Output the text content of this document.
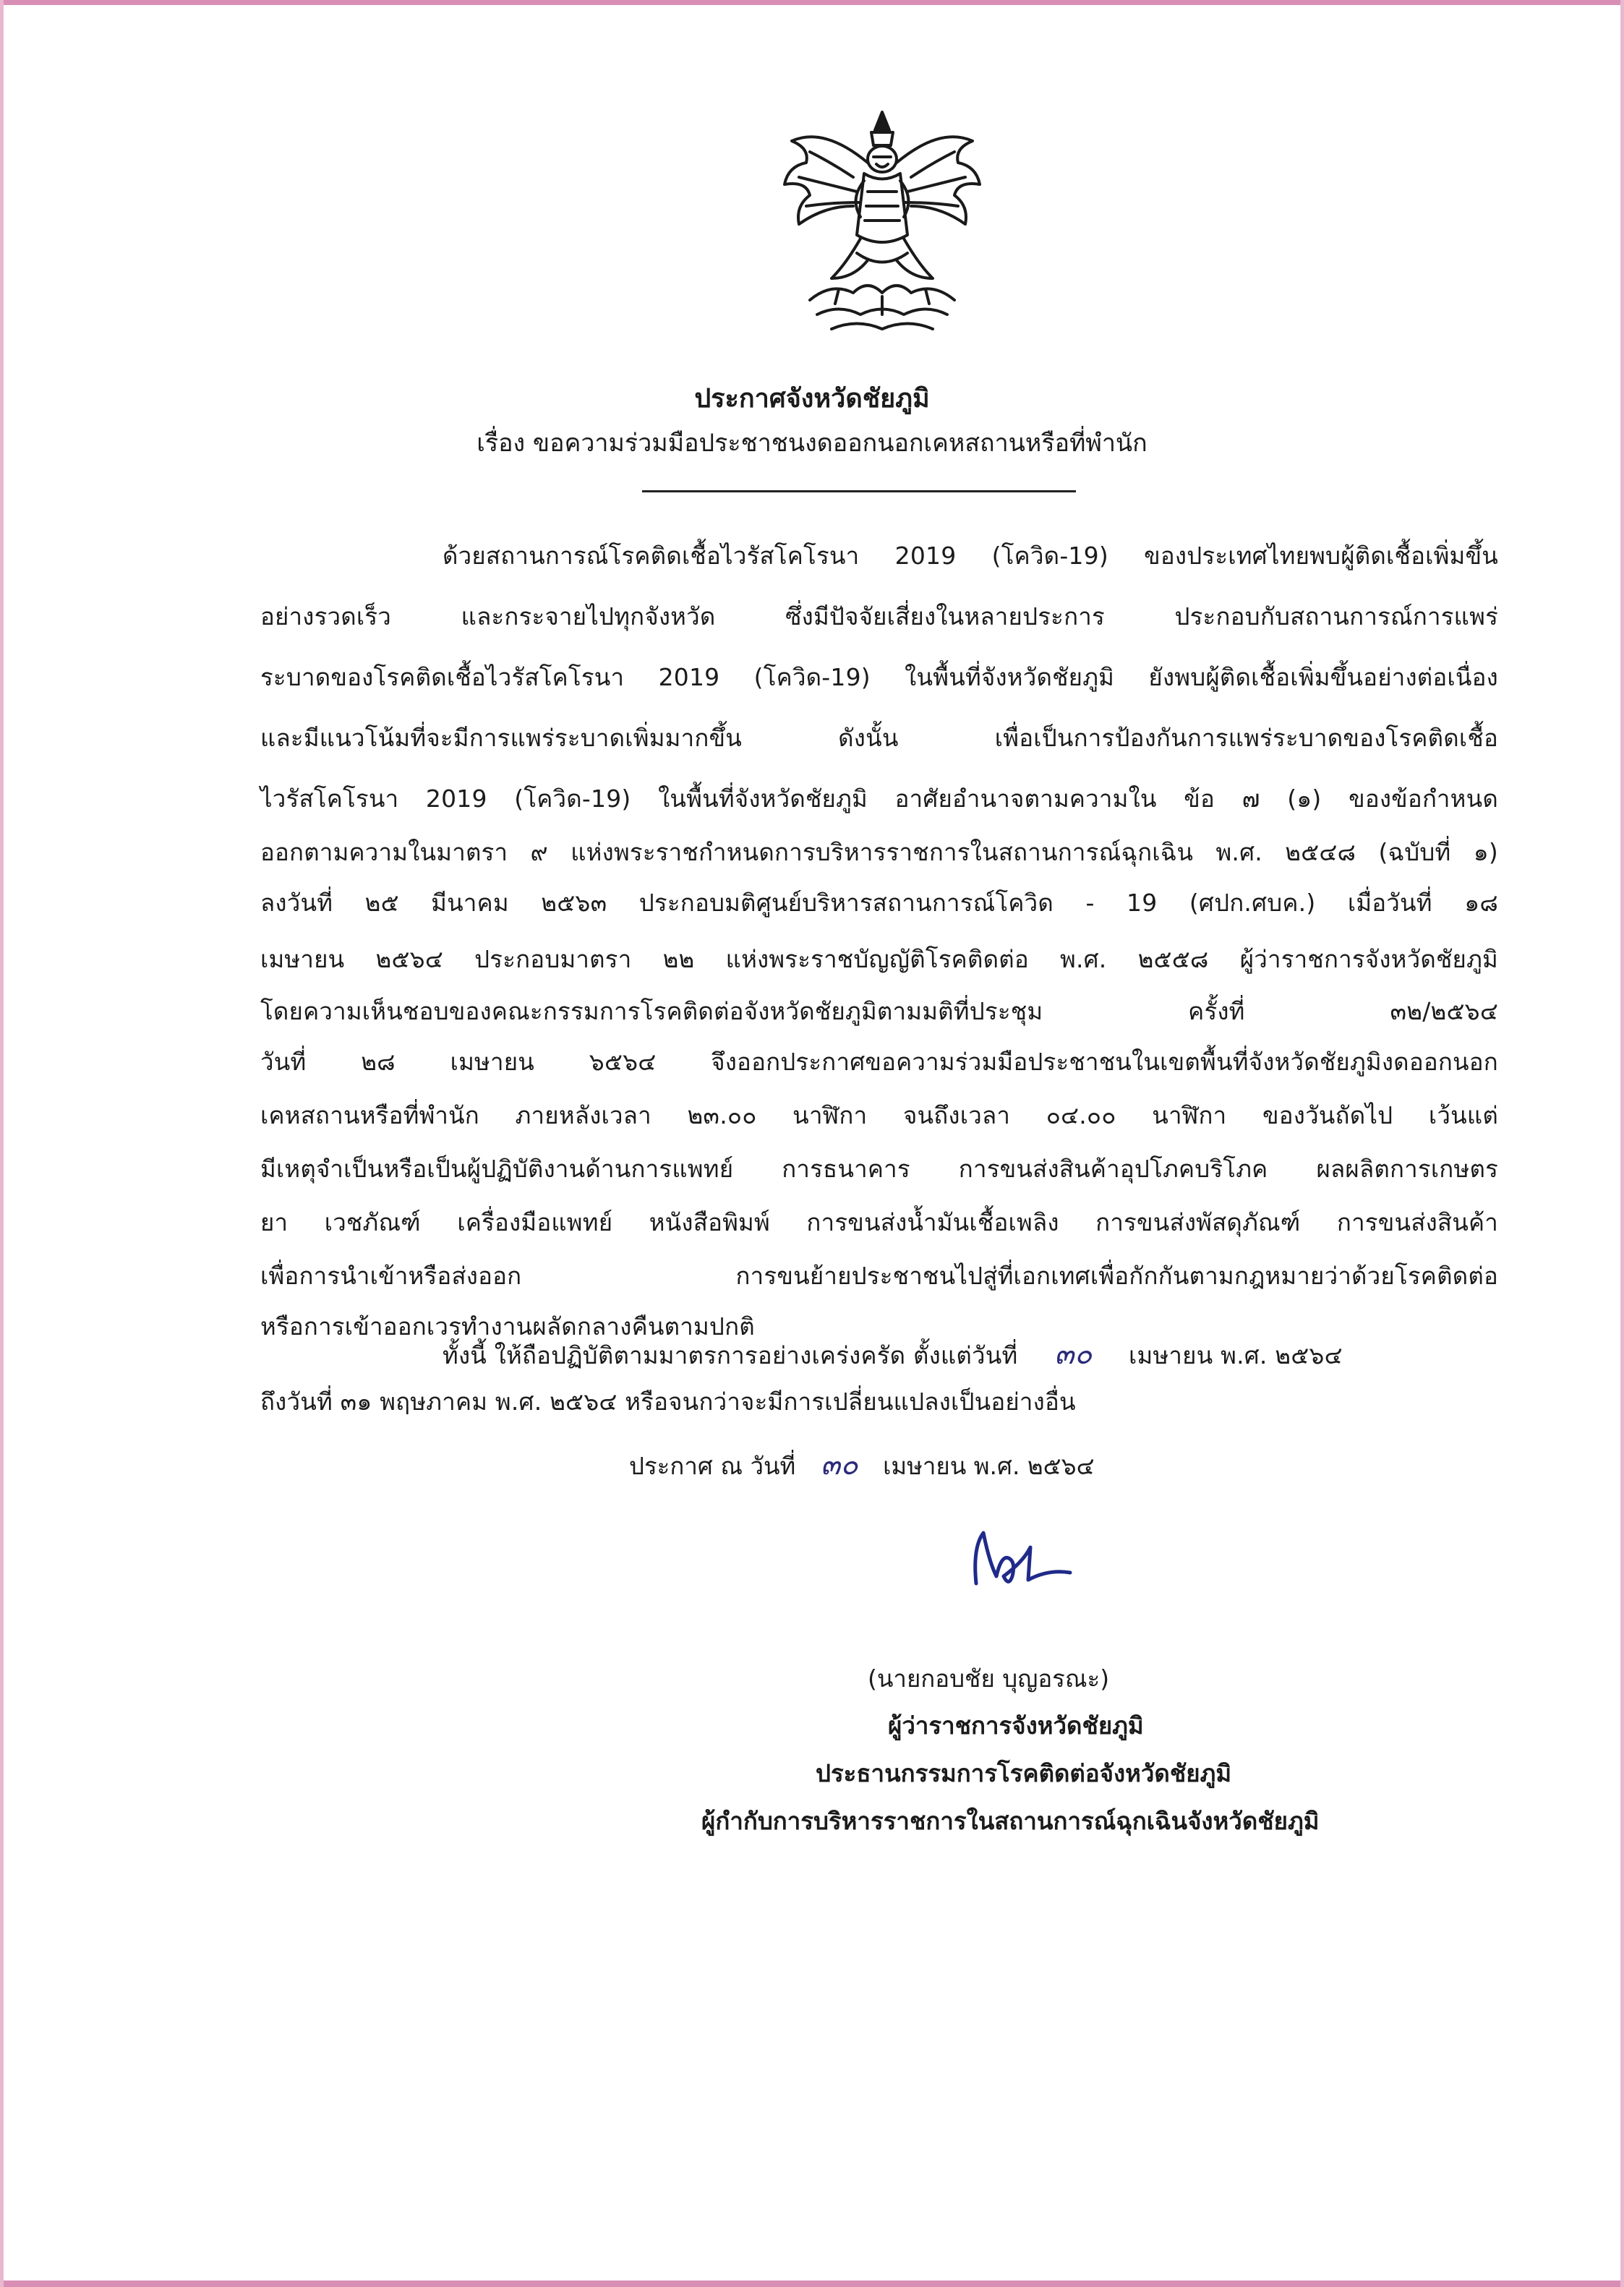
ประกาศจังหวัดชัยภูมิ
เรื่อง ขอความร่วมมือประชาชนงดออกนอกเคหสถานหรือที่พำนัก
ด้วยสถานการณ์โรคติดเชื้อไวรัสโคโรนา 2019 (โควิด-19) ของประเทศไทยพบผู้ติดเชื้อเพิ่มขึ้น
อย่างรวดเร็ว และกระจายไปทุกจังหวัด ซึ่งมีปัจจัยเสี่ยงในหลายประการ ประกอบกับสถานการณ์การแพร่
ระบาดของโรคติดเชื้อไวรัสโคโรนา 2019 (โควิด-19) ในพื้นที่จังหวัดชัยภูมิ ยังพบผู้ติดเชื้อเพิ่มขึ้นอย่างต่อเนื่อง
และมีแนวโน้มที่จะมีการแพร่ระบาดเพิ่มมากขึ้น ดังนั้น เพื่อเป็นการป้องกันการแพร่ระบาดของโรคติดเชื้อ
ไวรัสโคโรนา 2019 (โควิด-19) ในพื้นที่จังหวัดชัยภูมิ อาศัยอำนาจตามความใน ข้อ ๗ (๑) ของข้อกำหนด
ออกตามความในมาตรา ๙ แห่งพระราชกำหนดการบริหารราชการในสถานการณ์ฉุกเฉิน พ.ศ. ๒๕๔๘ (ฉบับที่ ๑)
ลงวันที่ ๒๕ มีนาคม ๒๕๖๓ ประกอบมติศูนย์บริหารสถานการณ์โควิด - 19 (ศปก.ศบค.) เมื่อวันที่ ๑๘
เมษายน ๒๕๖๔ ประกอบมาตรา ๒๒ แห่งพระราชบัญญัติโรคติดต่อ พ.ศ. ๒๕๕๘ ผู้ว่าราชการจังหวัดชัยภูมิ
โดยความเห็นชอบของคณะกรรมการโรคติดต่อจังหวัดชัยภูมิตามมติที่ประชุม ครั้งที่ ๓๒/๒๕๖๔
วันที่ ๒๘ เมษายน ๖๕๖๔ จึงออกประกาศขอความร่วมมือประชาชนในเขตพื้นที่จังหวัดชัยภูมิงดออกนอก
เคหสถานหรือที่พำนัก ภายหลังเวลา ๒๓.๐๐ นาฬิกา จนถึงเวลา ๐๔.๐๐ นาฬิกา ของวันถัดไป เว้นแต่
มีเหตุจำเป็นหรือเป็นผู้ปฏิบัติงานด้านการแพทย์ การธนาคาร การขนส่งสินค้าอุปโภคบริโภค ผลผลิตการเกษตร
ยา เวชภัณฑ์ เครื่องมือแพทย์ หนังสือพิมพ์ การขนส่งน้ำมันเชื้อเพลิง การขนส่งพัสดุภัณฑ์ การขนส่งสินค้า
เพื่อการนำเข้าหรือส่งออก การขนย้ายประชาชนไปสู่ที่เอกเทศเพื่อกักกันตามกฎหมายว่าด้วยโรคติดต่อ
หรือการเข้าออกเวรทำงานผลัดกลางคืนตามปกติ
ทั้งนี้ ให้ถือปฏิบัติตามมาตรการอย่างเคร่งครัด ตั้งแต่วันที่ ๓๐ เมษายน พ.ศ. ๒๕๖๔
ถึงวันที่ ๓๑ พฤษภาคม พ.ศ. ๒๕๖๔ หรือจนกว่าจะมีการเปลี่ยนแปลงเป็นอย่างอื่น
ประกาศ ณ วันที่ ๓๐ เมษายน พ.ศ. ๒๕๖๔
(นายกอบชัย บุญอรณะ)
ผู้ว่าราชการจังหวัดชัยภูมิ
ประธานกรรมการโรคติดต่อจังหวัดชัยภูมิ
ผู้กำกับการบริหารราชการในสถานการณ์ฉุกเฉินจังหวัดชัยภูมิ
